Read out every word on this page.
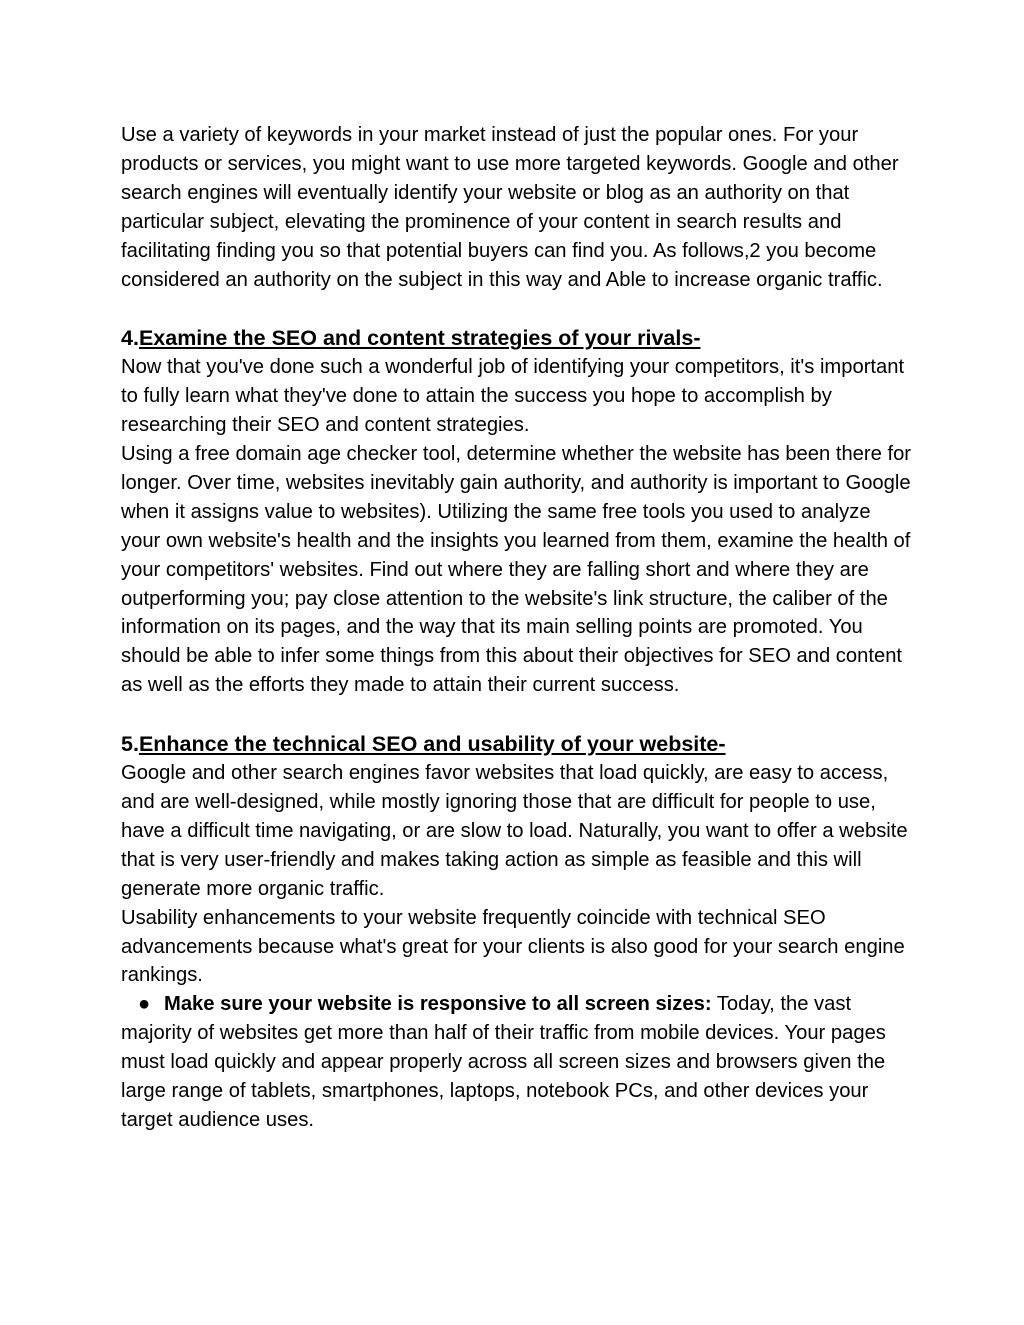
Use a variety of keywords in your market instead of just the popular ones. For your products or services, you might want to use more targeted keywords. Google and other search engines will eventually identify your website or blog as an authority on that particular subject, elevating the prominence of your content in search results and facilitating finding you so that potential buyers can find you. As follows,2 you become considered an authority on the subject in this way and Able to increase organic traffic.

4.Examine the SEO and content strategies of your rivals-

Now that you've done such a wonderful job of identifying your competitors, it's important to fully learn what they've done to attain the success you hope to accomplish by researching their SEO and content strategies.

Using a free domain age checker tool, determine whether the website has been there for longer. Over time, websites inevitably gain authority, and authority is important to Google when it assigns value to websites). Utilizing the same free tools you used to analyze your own website's health and the insights you learned from them, examine the health of your competitors' websites. Find out where they are falling short and where they are outperforming you; pay close attention to the website's link structure, the caliber of the information on its pages, and the way that its main selling points are promoted. You should be able to infer some things from this about their objectives for SEO and content as well as the efforts they made to attain their current success.

5.Enhance the technical SEO and usability of your website-

Google and other search engines favor websites that load quickly, are easy to access, and are well-designed, while mostly ignoring those that are difficult for people to use, have a difficult time navigating, or are slow to load. Naturally, you want to offer a website that is very user-friendly and makes taking action as simple as feasible and this will generate more organic traffic.

Usability enhancements to your website frequently coincide with technical SEO advancements because what's great for your clients is also good for your search engine rankings.

● Make sure your website is responsive to all screen sizes: Today, the vast majority of websites get more than half of their traffic from mobile devices. Your pages must load quickly and appear properly across all screen sizes and browsers given the large range of tablets, smartphones, laptops, notebook PCs, and other devices your target audience uses.
